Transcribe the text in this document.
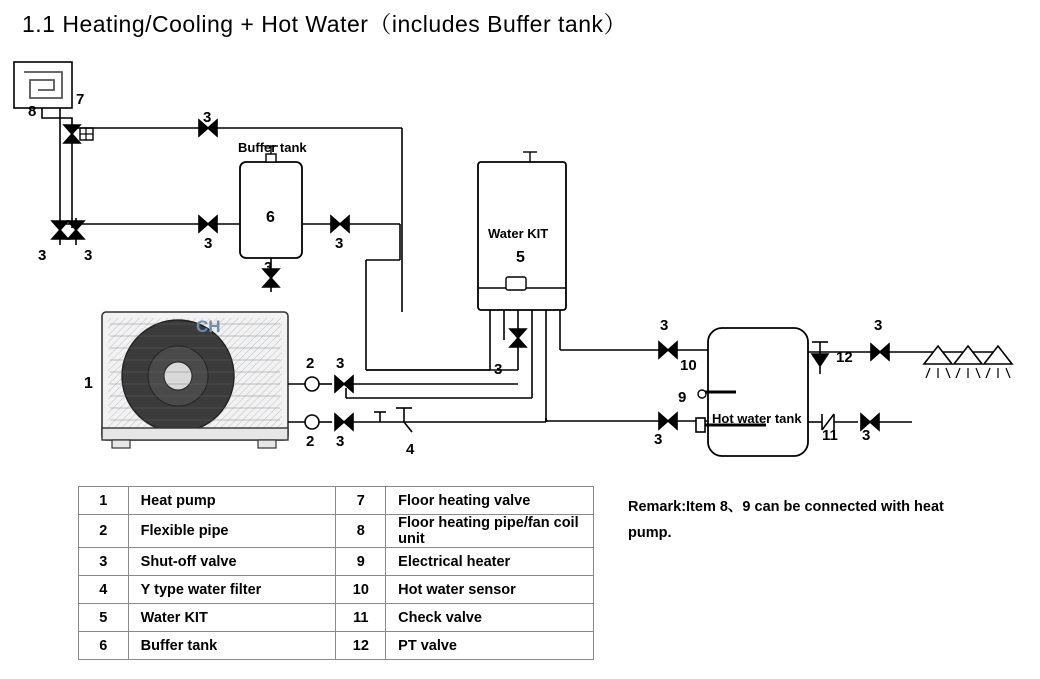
1.1 Heating/Cooling + Hot Water（includes Buffer tank）
CH
Buffer tank
Water KIT
Hot water tank
8
7
3
3	3
3
3	3
6
5
1
2 3
2 3	4
3
3
3
10
9
12
11 3
3
1	Heat pump	7	Floor heating valve
2	Flexible pipe	8	Floor heating pipe/fan coil unit
3	Shut-off valve	9	Electrical heater
4	Y type water filter	10	Hot water sensor
5	Water KIT	11	Check valve
6	Buffer tank	12	PT valve
Remark:Item 8、9 can be connected with heat
pump.
